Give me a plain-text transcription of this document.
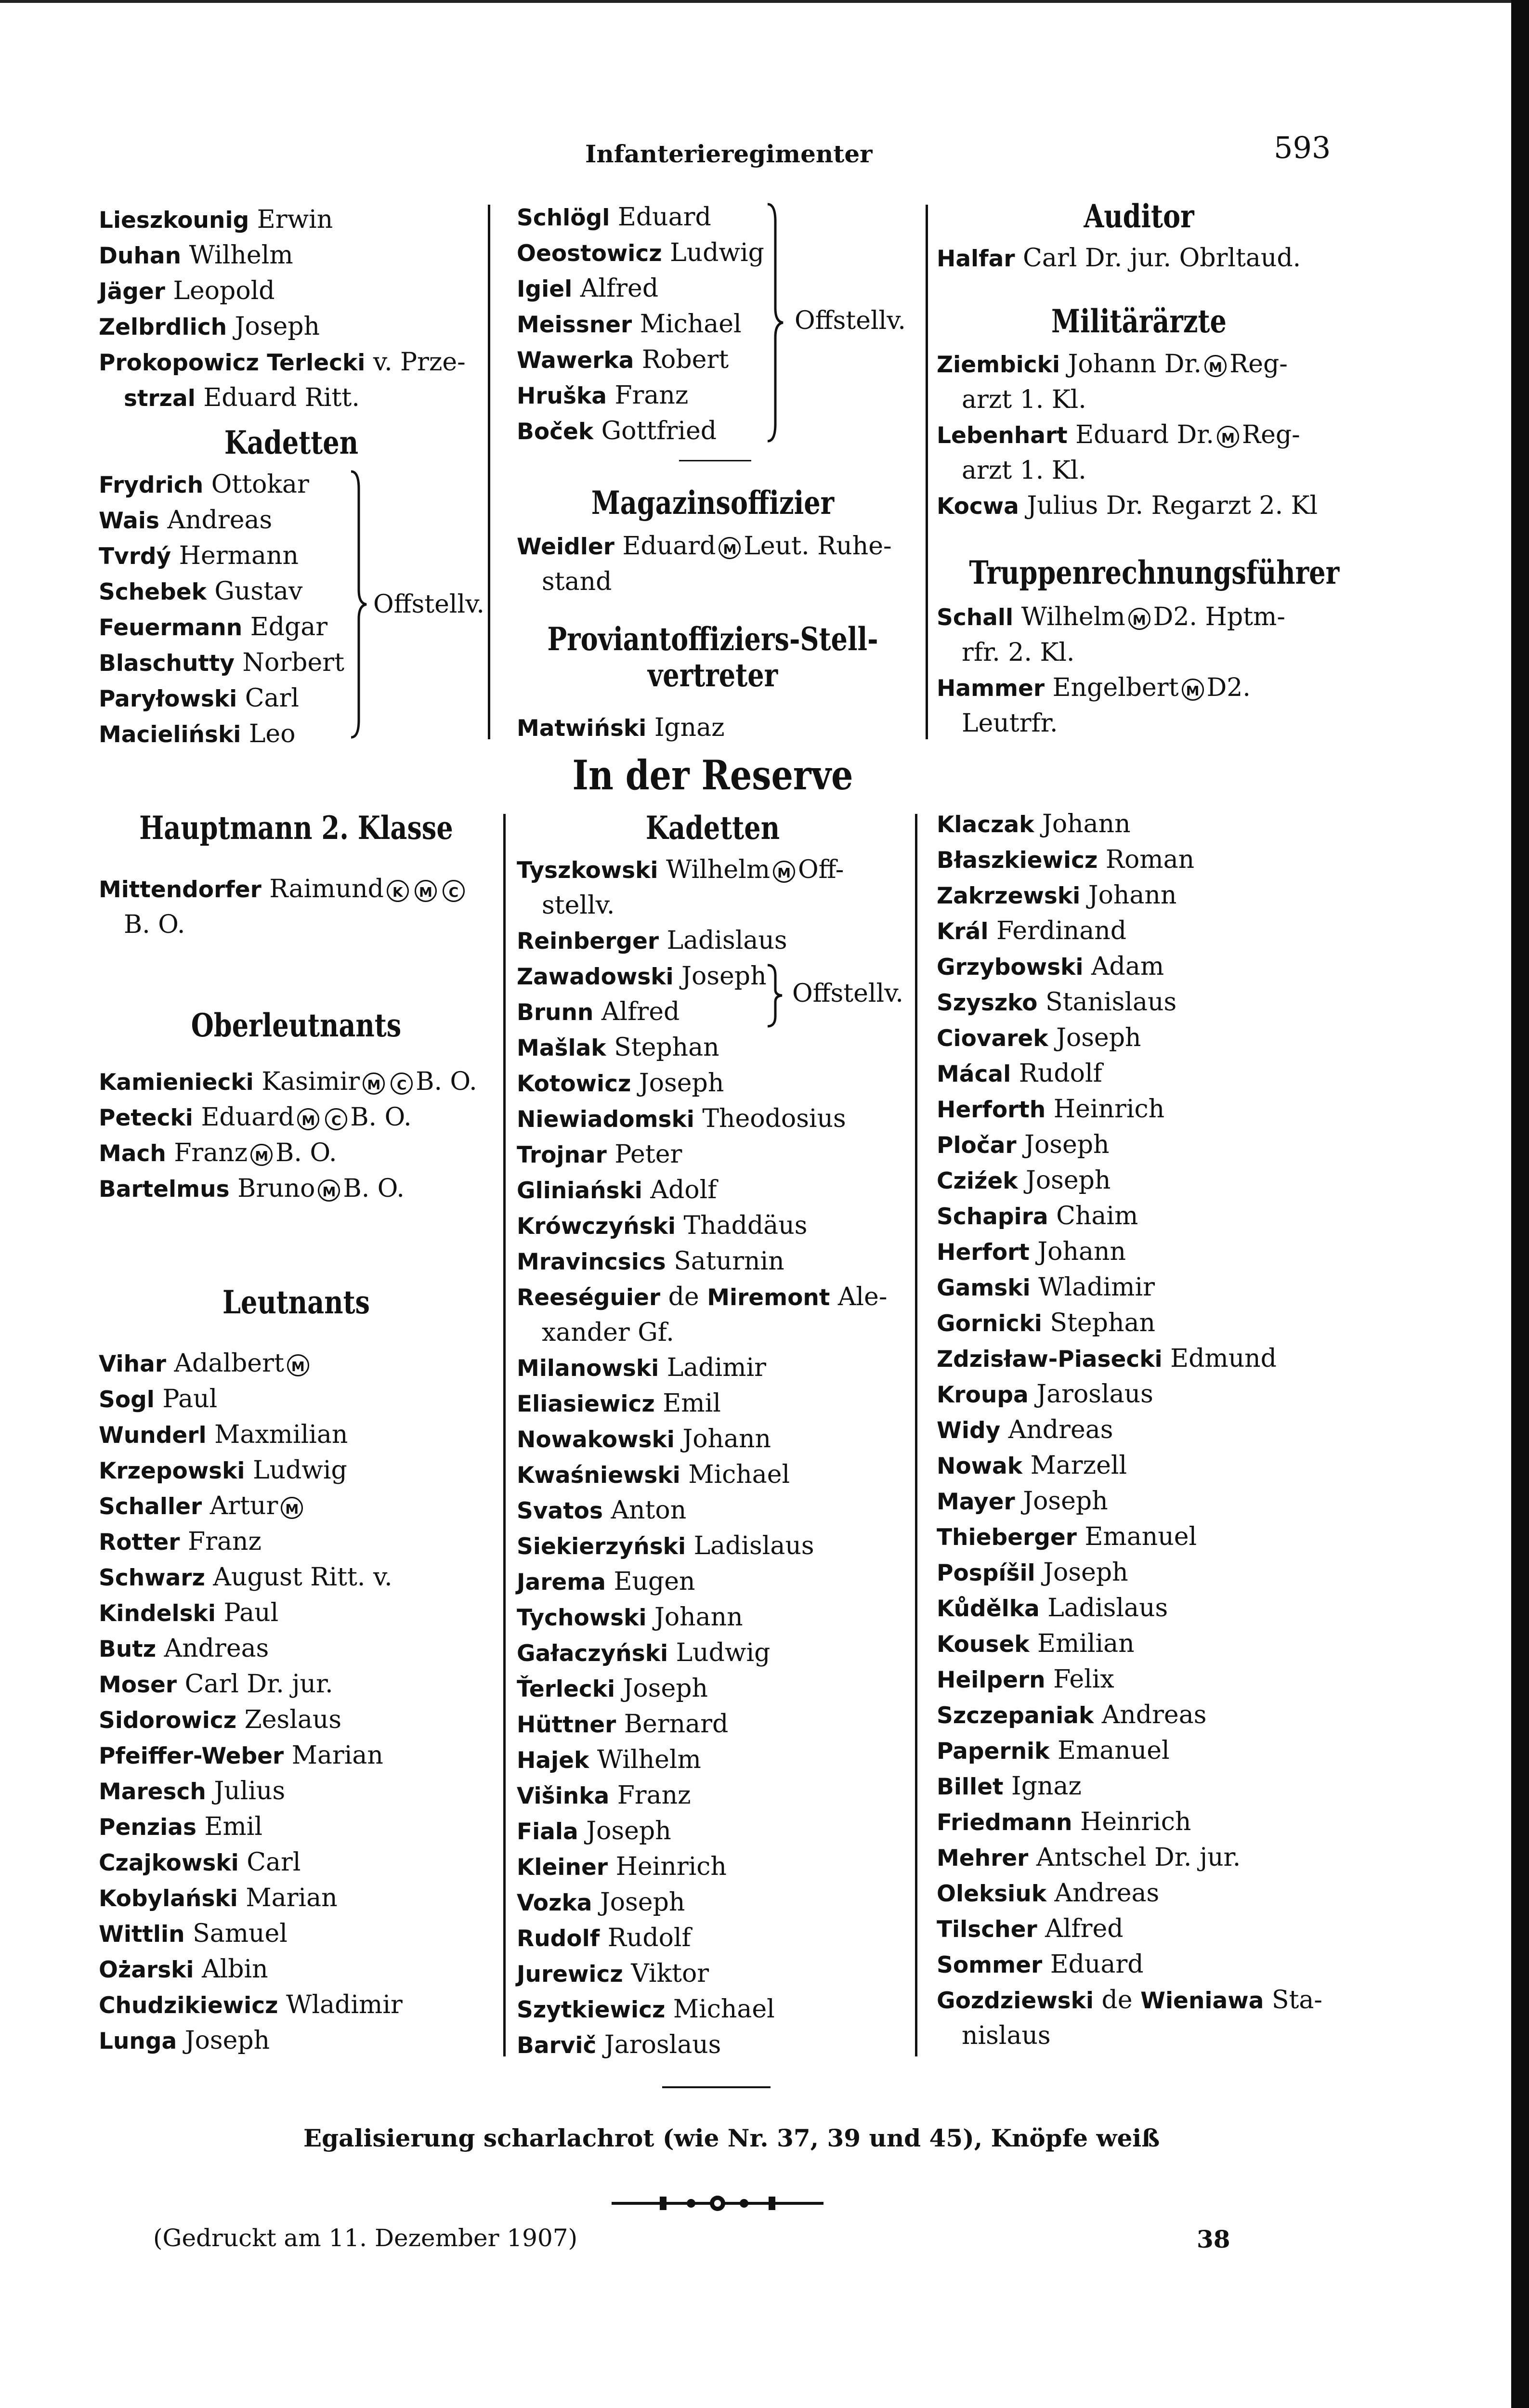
Infanterieregimenter	593
Lieszkounig Erwin
Duhan Wilhelm
Jäger Leopold
Zelbrdlich Joseph
Prokopowicz Terlecki v. Prze-
strzal Eduard Ritt.
Kadetten
Frydrich Ottokar
Wais Andreas
Tvrdý Hermann
Schebek Gustav
Feuermann Edgar
Blaschutty Norbert
Paryłowski Carl
Macieliński Leo
Offstellv.
Schlögl Eduard
Oeostowicz Ludwig
Igiel Alfred
Meissner Michael
Wawerka Robert
Hruška Franz
Boček Gottfried
Offstellv.
Magazinsoffizier
Weidler Eduard M Leut. Ruhe-
stand
Proviantoffiziers-Stell-
vertreter
Matwiński Ignaz
Auditor
Halfar Carl Dr. jur. Obrltaud.
Militärärzte
Ziembicki Johann Dr. M Reg-
arzt 1. Kl.
Lebenhart Eduard Dr. M Reg-
arzt 1. Kl.
Kocwa Julius Dr. Regarzt 2. Kl
Truppenrechnungsführer
Schall Wilhelm M D2. Hptm-
rfr. 2. Kl.
Hammer Engelbert M D2.
Leutrfr.
In der Reserve
Hauptmann 2. Klasse
Mittendorfer Raimund K M C
B. O.
Oberleutnants
Kamieniecki Kasimir M C B. O.
Petecki Eduard M C B. O.
Mach Franz M B. O.
Bartelmus Bruno M B. O.
Leutnants
Vihar Adalbert M
Sogl Paul
Wunderl Maxmilian
Krzepowski Ludwig
Schaller Artur M
Rotter Franz
Schwarz August Ritt. v.
Kindelski Paul
Butz Andreas
Moser Carl Dr. jur.
Sidorowicz Zeslaus
Pfeiffer-Weber Marian
Maresch Julius
Penzias Emil
Czajkowski Carl
Kobylański Marian
Wittlin Samuel
Ożarski Albin
Chudzikiewicz Wladimir
Lunga Joseph
Kadetten
Tyszkowski Wilhelm M Off-
stellv.
Reinberger Ladislaus
Zawadowski Joseph
Brunn Alfred
Mašlak Stephan
Kotowicz Joseph
Niewiadomski Theodosius
Trojnar Peter
Gliniański Adolf
Krówczyński Thaddäus
Mravincsics Saturnin
Reeséguier de Miremont Ale-
xander Gf.
Milanowski Ladimir
Eliasiewicz Emil
Nowakowski Johann
Kwaśniewski Michael
Svatos Anton
Siekierzyński Ladislaus
Jarema Eugen
Tychowski Johann
Gałaczyński Ludwig
Ťerlecki Joseph
Hüttner Bernard
Hajek Wilhelm
Višinka Franz
Fiala Joseph
Kleiner Heinrich
Vozka Joseph
Rudolf Rudolf
Jurewicz Viktor
Szytkiewicz Michael
Barvič Jaroslaus
Offstellv.
Klaczak Johann
Błaszkiewicz Roman
Zakrzewski Johann
Král Ferdinand
Grzybowski Adam
Szyszko Stanislaus
Ciovarek Joseph
Mácal Rudolf
Herforth Heinrich
Pločar Joseph
Cziźek Joseph
Schapira Chaim
Herfort Johann
Gamski Wladimir
Gornicki Stephan
Zdzisław-Piasecki Edmund
Kroupa Jaroslaus
Widy Andreas
Nowak Marzell
Mayer Joseph
Thieberger Emanuel
Pospíšil Joseph
Kůdělka Ladislaus
Kousek Emilian
Heilpern Felix
Szczepaniak Andreas
Papernik Emanuel
Billet Ignaz
Friedmann Heinrich
Mehrer Antschel Dr. jur.
Oleksiuk Andreas
Tilscher Alfred
Sommer Eduard
Gozdziewski de Wieniawa Sta-
nislaus
Egalisierung scharlachrot (wie Nr. 37, 39 und 45), Knöpfe weiß
(Gedruckt am 11. Dezember 1907)	38
